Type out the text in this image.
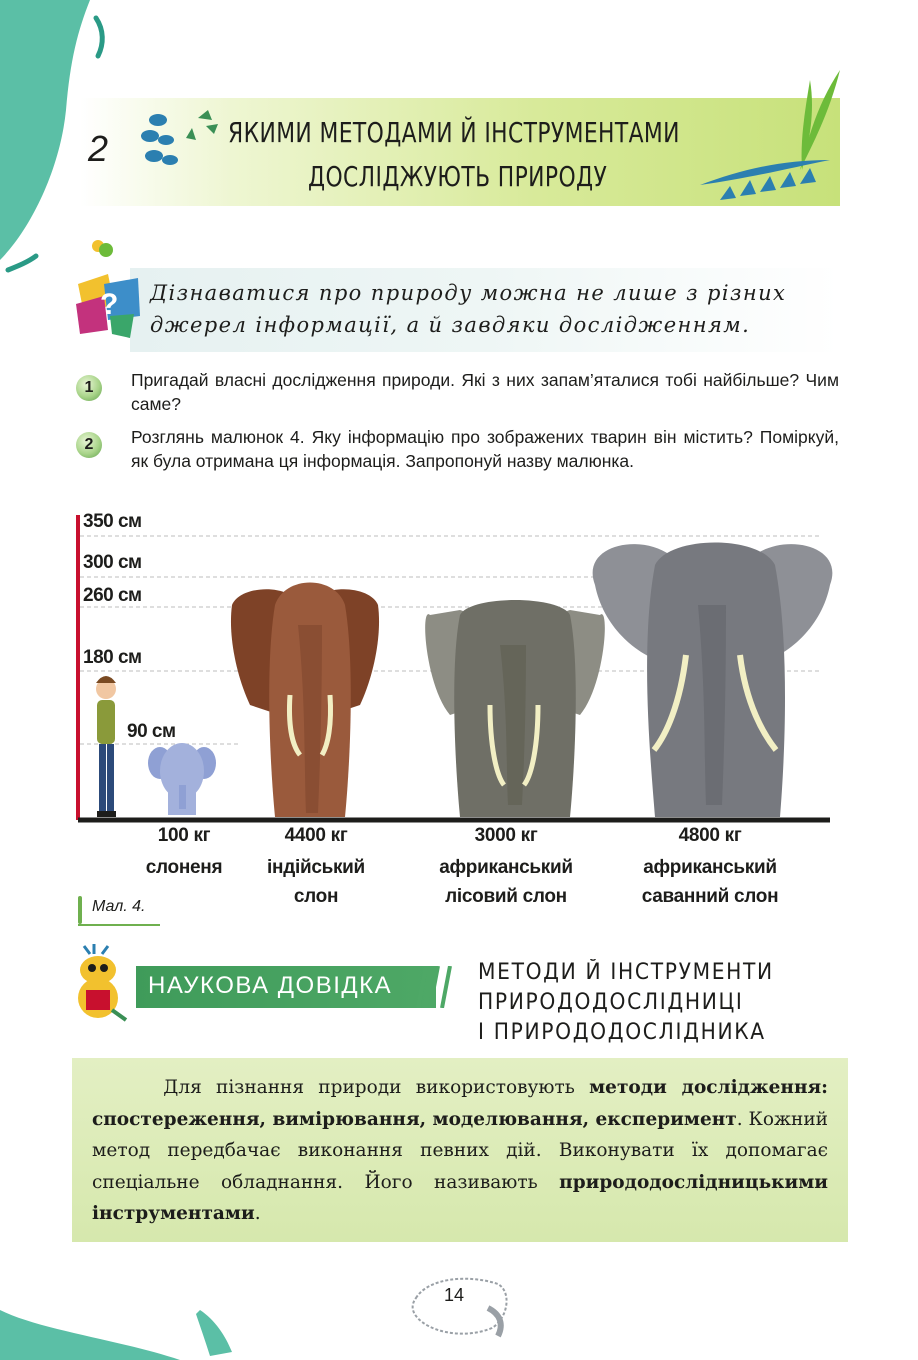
2	ЯКИМИ МЕТОДАМИ Й ІНСТРУМЕНТАМИ
ДОСЛІДЖУЮТЬ ПРИРОДУ
? Дізнаватися про природу можна не лише з різних
джерел інформації, а й завдяки дослідженням.
1	Пригадай власні дослідження природи. Які з них запам’яталися тобі найбільше? Чим саме?
2	Розглянь малюнок 4. Яку інформацію про зображених тварин він містить? Поміркуй, як була отримана ця інформація. Запропонуй назву малюнка.
350 см
300 см
260 см
180 см
90 см
100 кг
слоненя
4400 кг
індійський
слон
3000 кг
африканський
лісовий слон
4800 кг
африканський
саванний слон
Мал. 4.
НАУКОВА ДОВІДКА	МЕТОДИ Й ІНСТРУМЕНТИ
ПРИРОДОДОСЛІДНИЦІ
І ПРИРОДОДОСЛІДНИКА
Для пізнання природи використовують методи дослідження: спостереження, вимірювання, моделювання, експеримент. Кожний метод передбачає виконання певних дій. Виконувати їх допомагає спеціальне обладнання. Його називають природодослідницькими інструментами.
14
